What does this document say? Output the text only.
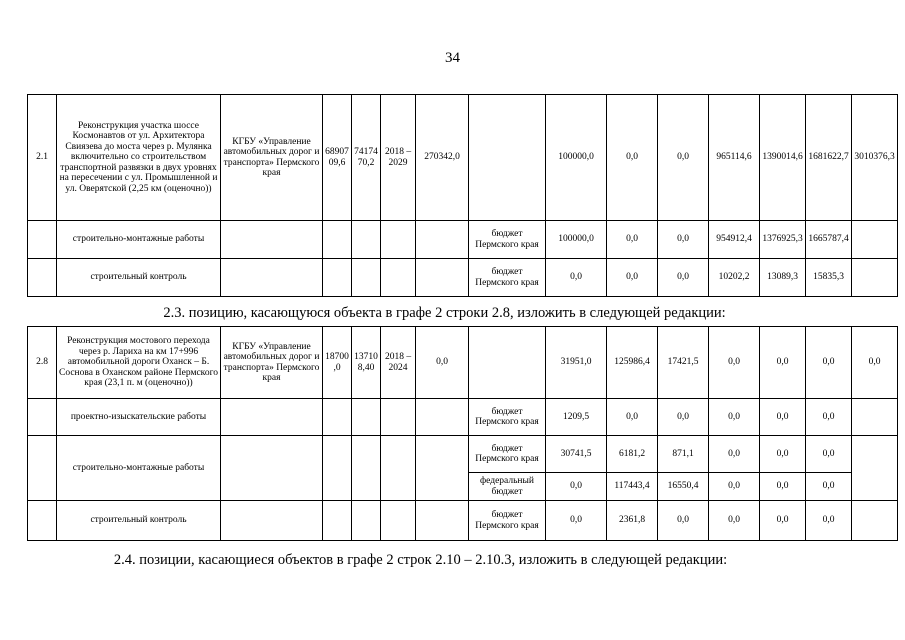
34
2.1	Реконструкция участка шоссе Космонавтов от ул. Архитектора Свиязева до моста через р. Мулянка включительно со строительством транспортной развязки в двух уровнях на пересечении с ул. Промышленной и ул. Оверятской (2,25 км (оценочно))	КГБУ «Управление автомобильных дорог и транспорта» Пермского края	6890709,6	7417470,2	2018 – 2029	270342,0		100000,0	0,0	0,0	965114,6	1390014,6	1681622,7	3010376,3
	строительно-монтажные работы						бюджет Пермского края	100000,0	0,0	0,0	954912,4	1376925,3	1665787,4	
	строительный контроль						бюджет Пермского края	0,0	0,0	0,0	10202,2	13089,3	15835,3	
2.3. позицию, касающуюся объекта в графе 2 строки 2.8, изложить в следующей редакции:
2.8	Реконструкция мостового перехода через р. Лариха на км 17+996 автомобильной дороги Оханск – Б. Соснова в Оханском районе Пермского края (23,1 п. м (оценочно))	КГБУ «Управление автомобильных дорог и транспорта» Пермского края	18700,0	137108,40	2018 – 2024	0,0		31951,0	125986,4	17421,5	0,0	0,0	0,0	0,0
	проектно-изыскательские работы						бюджет Пермского края	1209,5	0,0	0,0	0,0	0,0	0,0	
	строительно-монтажные работы						бюджет Пермского края	30741,5	6181,2	871,1	0,0	0,0	0,0	
							федеральный бюджет	0,0	117443,4	16550,4	0,0	0,0	0,0	
	строительный контроль						бюджет Пермского края	0,0	2361,8	0,0	0,0	0,0	0,0	
2.4. позиции, касающиеся объектов в графе 2 строк 2.10 – 2.10.3, изложить в следующей редакции:
